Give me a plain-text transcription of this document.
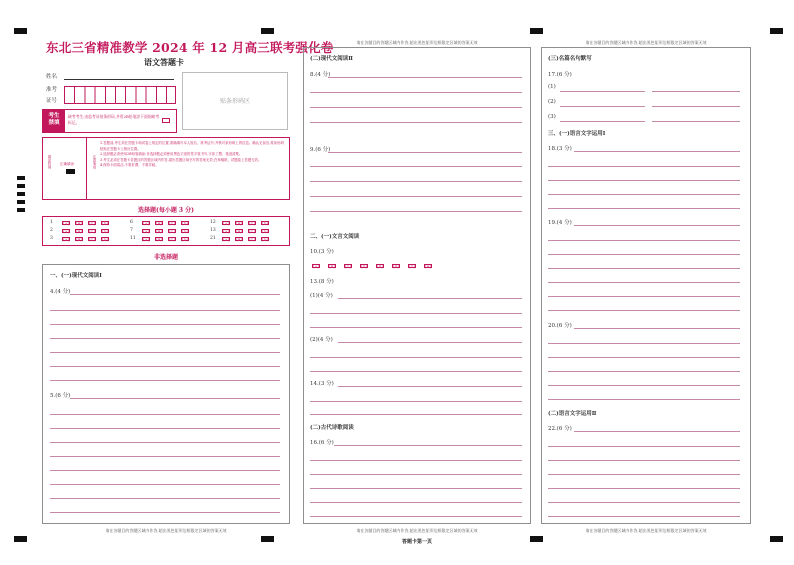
东北三省精准教学 2024 年 12 月高三联考强化卷
语文答题卡
姓名
准考
证号	贴条形码区
考生
禁填
缺考考生,由监考员贴条形码,并用2B铅笔涂下面的缺考标记。
填涂样例 正确填涂	注意事项
1.答题前,考生须在答题卡和试卷上规定的位置,准确填写本人姓名、准考证号,并核对条形码上的信息。确认无误后,将条形码粘贴在答题卡上相应位置。
2.选择题必须使用2B铅笔填涂;非选择题必须使用黑色字迹的签字笔书写,字体工整、笔迹清楚。
3.考生必须在答题卡各题目的答题区域内作答,超出答题区域书写的答案无效;在草稿纸、试题卷上答题无效。
4.保持卡面清洁,不要折叠、不要弄破。
选择题(每小题 3 分)
1	[A]	[B]	[C]	[D]
2	[A]	[B]	[C]	[D]
3	[A]	[B]	[C]	[D]
6	[A]	[B]	[C]	[D]
7	[A]	[B]	[C]	[D]
11	[A]	[B]	[C]	[D]
12	[A]	[B]	[C]	[D]
13	[A]	[B]	[C]	[D]
21	[A]	[B]	[C]	[D]
非选择题
一、(一)现代文阅读Ⅰ
4.(4 分)
5.(6 分)
请在各题目的答题区域内作答,超出黑色矩形边框限定区域的答案无效
请在各题目的答题区域内作答,超出黑色矩形边框限定区域的答案无效
(二)现代文阅读Ⅱ
8.(4 分)
9.(6 分)
二、(一)文言文阅读
10.(3 分)
[A]	[B]	[C]	[D]	[E]	[F]	[G]	[H]
13.(8 分)
(1)(4 分)
(2)(4 分)
14.(3 分)
(二)古代诗歌阅读
16.(6 分)
请在各题目的答题区域内作答,超出黑色矩形边框限定区域的答案无效
答题卡第一页
请在各题目的答题区域内作答,超出黑色矩形边框限定区域的答案无效
(三)名篇名句默写
17.(6 分)
(1)
(2)
(3)
三、(一)语言文字运用Ⅰ
18.(3 分)
19.(4 分)
20.(6 分)
(二)语言文字运用Ⅱ
22.(6 分)
请在各题目的答题区域内作答,超出黑色矩形边框限定区域的答案无效
